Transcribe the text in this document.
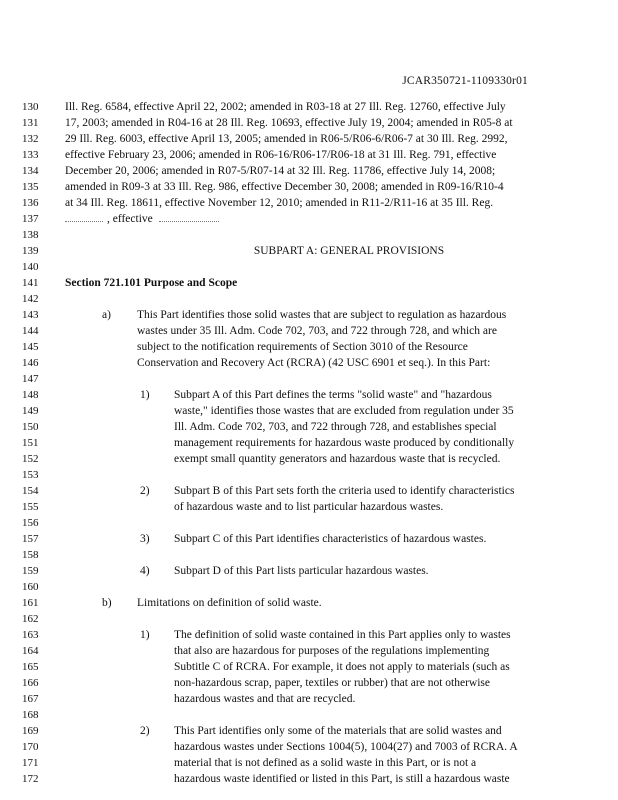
JCAR350721-1109330r01
130	Ill. Reg. 6584, effective April 22, 2002; amended in R03-18 at 27 Ill. Reg. 12760, effective July
131	17, 2003; amended in R04-16 at 28 Ill. Reg. 10693, effective July 19, 2004; amended in R05-8 at
132	29 Ill. Reg. 6003, effective April 13, 2005; amended in R06-5/R06-6/R06-7 at 30 Ill. Reg. 2992,
133	effective February 23, 2006; amended in R06-16/R06-17/R06-18 at 31 Ill. Reg. 791, effective
134	December 20, 2006; amended in R07-5/R07-14 at 32 Ill. Reg. 11786, effective July 14, 2008;
135	amended in R09-3 at 33 Ill. Reg. 986, effective December 30, 2008; amended in R09-16/R10-4
136	at 34 Ill. Reg. 18611, effective November 12, 2010; amended in R11-2/R11-16 at 35 Ill. Reg.
137	, effective
138
139	SUBPART A: GENERAL PROVISIONS
140
141	Section 721.101 Purpose and Scope
142
143	a) This Part identifies those solid wastes that are subject to regulation as hazardous
144	wastes under 35 Ill. Adm. Code 702, 703, and 722 through 728, and which are
145	subject to the notification requirements of Section 3010 of the Resource
146	Conservation and Recovery Act (RCRA) (42 USC 6901 et seq.). In this Part:
147
148	1) Subpart A of this Part defines the terms "solid waste" and "hazardous
149	waste," identifies those wastes that are excluded from regulation under 35
150	Ill. Adm. Code 702, 703, and 722 through 728, and establishes special
151	management requirements for hazardous waste produced by conditionally
152	exempt small quantity generators and hazardous waste that is recycled.
153
154	2) Subpart B of this Part sets forth the criteria used to identify characteristics
155	of hazardous waste and to list particular hazardous wastes.
156
157	3) Subpart C of this Part identifies characteristics of hazardous wastes.
158
159	4) Subpart D of this Part lists particular hazardous wastes.
160
161	b) Limitations on definition of solid waste.
162
163	1) The definition of solid waste contained in this Part applies only to wastes
164	that also are hazardous for purposes of the regulations implementing
165	Subtitle C of RCRA. For example, it does not apply to materials (such as
166	non-hazardous scrap, paper, textiles or rubber) that are not otherwise
167	hazardous wastes and that are recycled.
168
169	2) This Part identifies only some of the materials that are solid wastes and
170	hazardous wastes under Sections 1004(5), 1004(27) and 7003 of RCRA. A
171	material that is not defined as a solid waste in this Part, or is not a
172	hazardous waste identified or listed in this Part, is still a hazardous waste
